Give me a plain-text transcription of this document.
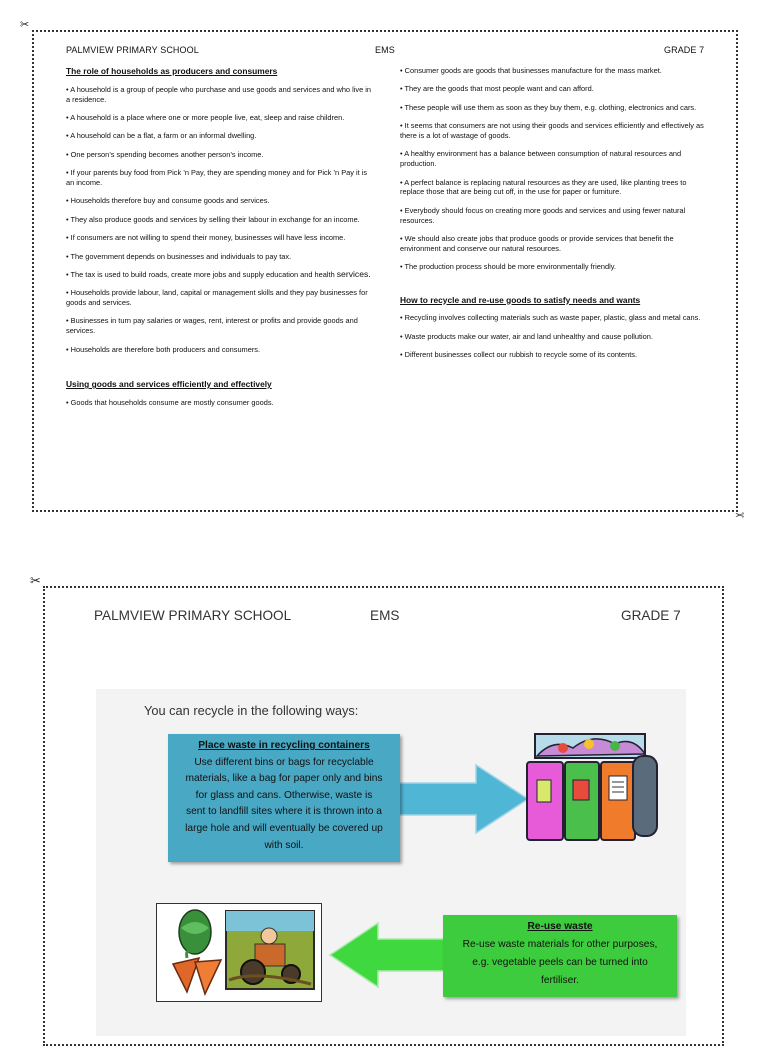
✂
PALMVIEW PRIMARY SCHOOL	EMS	GRADE 7

The role of households as producers and consumers

• A household is a group of people who purchase and use goods and services and who live in a residence.

• A household is a place where one or more people live, eat, sleep and raise children.

• A household can be a flat, a farm or an informal dwelling.

• One person’s spending becomes another person’s income.

• If your parents buy food from Pick ’n Pay, they are spending money and for Pick ’n Pay it is an income.

• Households therefore buy and consume goods and services.

• They also produce goods and services by selling their labour in exchange for an income.

• If consumers are not willing to spend their money, businesses will have less income.

• The government depends on businesses and individuals to pay tax.

• The tax is used to build roads, create more jobs and supply education and health services.

• Households provide labour, land, capital or management skills and they pay businesses for goods and services.

• Businesses in turn pay salaries or wages, rent, interest or profits and provide goods and services.

• Households are therefore both producers and consumers.

Using goods and services efficiently and effectively

• Goods that households consume are mostly consumer goods.

• Consumer goods are goods that businesses manufacture for the mass market.

• They are the goods that most people want and can afford.

• These people will use them as soon as they buy them, e.g. clothing, electronics and cars.

• It seems that consumers are not using their goods and services efficiently and effectively as there is a lot of wastage of goods.

• A healthy environment has a balance between consumption of natural resources and production.

• A perfect balance is replacing natural resources as they are used, like planting trees to replace those that are being cut off, in the use for paper or furniture.

• Everybody should focus on creating more goods and services and using fewer natural resources.

• We should also create jobs that produce goods or provide services that benefit the environment and conserve our natural resources.

• The production process should be more environmentally friendly.

How to recycle and re-use goods to satisfy needs and wants

• Recycling involves collecting materials such as waste paper, plastic, glass and metal cans.

• Waste products make our water, air and land unhealthy and cause pollution.

• Different businesses collect our rubbish to recycle some of its contents.

✂
✂
PALMVIEW PRIMARY SCHOOL	EMS	GRADE 7
You can recycle in the following ways:
Place waste in recycling containers
Use different bins or bags for recyclable
materials, like a bag for paper only and bins
for glass and cans. Otherwise, waste is
sent to landfill sites where it is thrown into a
large hole and will eventually be covered up
with soil.
Re-use waste
Re-use waste materials for other purposes,
e.g. vegetable peels can be turned into
fertiliser.
